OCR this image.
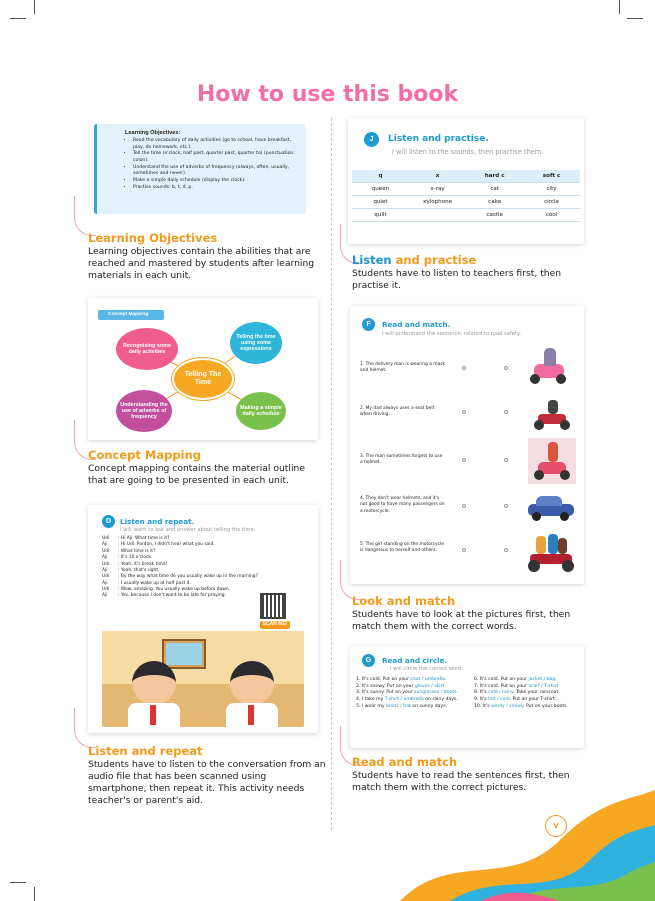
How to use this book
Learning Objectives:
• Read the vocabulary of daily activities (go to school, have breakfast, play, do homework, etc.).
• Tell the time (o'clock, half past, quarter past, quarter to) (punctuation: colon).
• Understand the use of adverbs of frequency (always, often, usually, sometimes and never).
• Make a simple daily schedule (display the clock).
• Practise sounds: b, t, d, p.
Learning Objectives
Learning objectives contain the abilities that are reached and mastered by students after learning materials in each unit.
Concept Mapping
Recognising some daily activities
Telling the time using some expressions
Telling The Time
Understanding the use of adverbs of frequency
Making a simple daily schedule
Concept Mapping
Concept mapping contains the material outline that are going to be presented in each unit.
D	Listen and repeat.
I will learn to ask and answer about telling the time.
Udi : Hi Aji. What time is it?
Aji : Hi Udi. Pardon, I didn't hear what you said.
Udi : What time is it?
Aji : It's 10 o'clock.
Udi : Yeah, it's break time!
Aji : Yeah, that's right.
Udi : By the way what time do you usually wake up in the morning?
Aji : I usually wake up at half past 4.
Udi : Wow, amazing. You usually wake up before dawn.
Aji : Yes, because I don't want to be late for praying.
SCAN ME!
Listen and repeat
Students have to listen to the conversation from an audio file that has been scanned using smartphone, then repeat it. This activity needs teacher's or parent's aid.
J	Listen and practise.
I will listen to the sounds, then practise them.
q	x	hard c	soft c
queen	x-ray	cat	city
quiet	xylophone	cake	circle
quilt		castle	cool
Listen and practise
Students have to listen to teachers first, then practise it.
F	Read and match.
I will understand the sentence, related to road safety.
1. The delivery man is wearing a mask and helmet.
2. My dad always uses a seat belt when driving.
3. The man sometimes forgets to use a helmet.
4. They don't wear helmets, and it's not good to have many passengers on a motorcycle.
5. The girl standing on the motorcycle is dangerous to herself and others.
Look and match
Students have to look at the pictures first, then match them with the correct words.
G	Read and circle.
I will circle the correct word.
1. It's cold. Put on your coat / umbrella.
2. It's snowy. Put on your gloves / skirt.
3. It's sunny. Put on your sunglasses / boots.
4. I take my T-shirt / umbrella on rainy days.
5. I wear my boots / hat on sunny days.
6. It's cold. Put on your jacket / bag.
7. It's cold. Put on your scarf / T-shirt
8. It's cold / rainy. Take your raincoat.
9. It's hot / cold. Put on your T-shirt.
10. It's windy / snowy. Put on your boots.
Read and match
Students have to read the sentences first, then match them with the correct pictures.
v
